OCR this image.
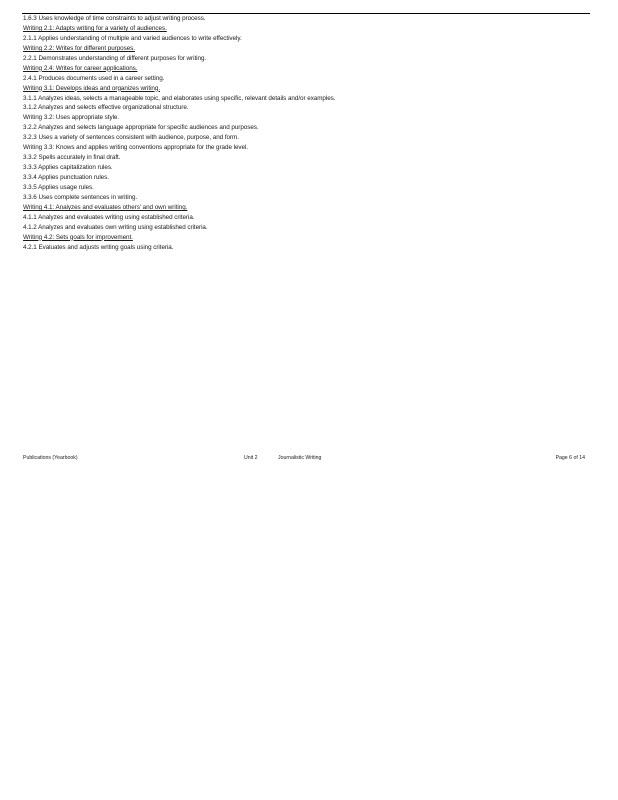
1.6.3 Uses knowledge of time constraints to adjust writing process.
Writing 2.1: Adapts writing for a variety of audiences.
2.1.1 Applies understanding of multiple and varied audiences to write effectively.
Writing 2.2: Writes for different purposes.
2.2.1 Demonstrates understanding of different purposes for writing.
Writing 2.4: Writes for career applications.
2.4.1 Produces documents used in a career setting.
Writing 3.1: Develops ideas and organizes writing.
3.1.1 Analyzes ideas, selects a manageable topic, and elaborates using specific, relevant details and/or examples.
3.1.2 Analyzes and selects effective organizational structure.
Writing 3.2: Uses appropriate style.
3.2.2 Analyzes and selects language appropriate for specific audiences and purposes.
3.2.3 Uses a variety of sentences consistent with audience, purpose, and form.
Writing 3.3: Knows and applies writing conventions appropriate for the grade level.
3.3.2 Spells accurately in final draft.
3.3.3 Applies capitalization rules.
3.3.4 Applies punctuation rules.
3.3.5 Applies usage rules.
3.3.6 Uses complete sentences in writing.
Writing 4.1: Analyzes and evaluates others' and own writing.
4.1.1 Analyzes and evaluates writing using established criteria.
4.1.2 Analyzes and evaluates own writing using established criteria.
Writing 4.2: Sets goals for improvement.
4.2.1 Evaluates and adjusts writing goals using criteria.
Publications (Yearbook)	Unit 2	Journalistic Writing	Page 6 of 14
